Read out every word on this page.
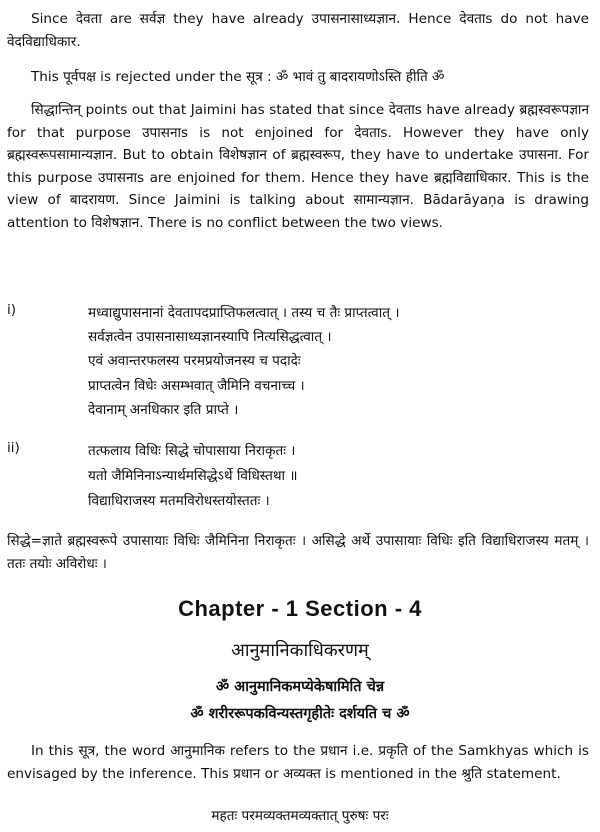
Since देवता are सर्वज्ञ they have already उपासनासाध्यज्ञान. Hence देवताs do not have वेदविद्याधिकार.

This पूर्वपक्ष is rejected under the सूत्र : ॐ भावं तु बादरायणोऽस्ति हीति ॐ

सिद्धान्तिन् points out that Jaimini has stated that since देवताs have already ब्रह्मस्वरूपज्ञान for that purpose उपासनाs is not enjoined for देवताs. However they have only ब्रह्मस्वरूपसामान्यज्ञान. But to obtain विशेषज्ञान of ब्रह्मस्वरूप, they have to undertake उपासना. For this purpose उपासनाs are enjoined for them. Hence they have ब्रह्मविद्याधिकार. This is the view of बादरायण. Since Jaimini is talking about सामान्यज्ञान. Bādarāyaṇa is drawing attention to विशेषज्ञान. There is no conflict between the two views.

i)	मध्वाद्युपासनानां देवतापदप्राप्तिफलत्वात् । तस्य च तैः प्राप्तत्वात् ।
सर्वज्ञत्वेन उपासनासाध्यज्ञानस्यापि नित्यसिद्धत्वात् ।
एवं अवान्तरफलस्य परमप्रयोजनस्य च पदादेः
प्राप्तत्वेन विधेः असम्भवात् जैमिनि वचनाच्च ।
देवानाम् अनधिकार इति प्राप्ते ।
ii)	तत्फलाय विधिः सिद्धे चोपासाया निराकृतः ।
यतो जैमिनिनाऽन्यार्थमसिद्धेऽर्थे विधिस्तथा ॥
विद्याधिराजस्य मतमविरोधस्तयोस्ततः ।

सिद्धे=ज्ञाते ब्रह्मस्वरूपे उपासायाः विधिः जैमिनिना निराकृतः । असिद्धे अर्थे उपासायाः विधिः इति विद्याधिराजस्य मतम् । ततः तयोः अविरोधः ।

Chapter - 1 Section - 4
आनुमानिकाधिकरणम्
ॐ आनुमानिकमप्येकेषामिति चेन्न
ॐ शरीररूपकविन्यस्तगृहीतेः दर्शयति च ॐ

In this सूत्र, the word आनुमानिक refers to the प्रधान i.e. प्रकृति of the Samkhyas which is envisaged by the inference. This प्रधान or अव्यक्त is mentioned in the श्रुति statement.

महतः परमव्यक्तमव्यक्तात् पुरुषः परः
